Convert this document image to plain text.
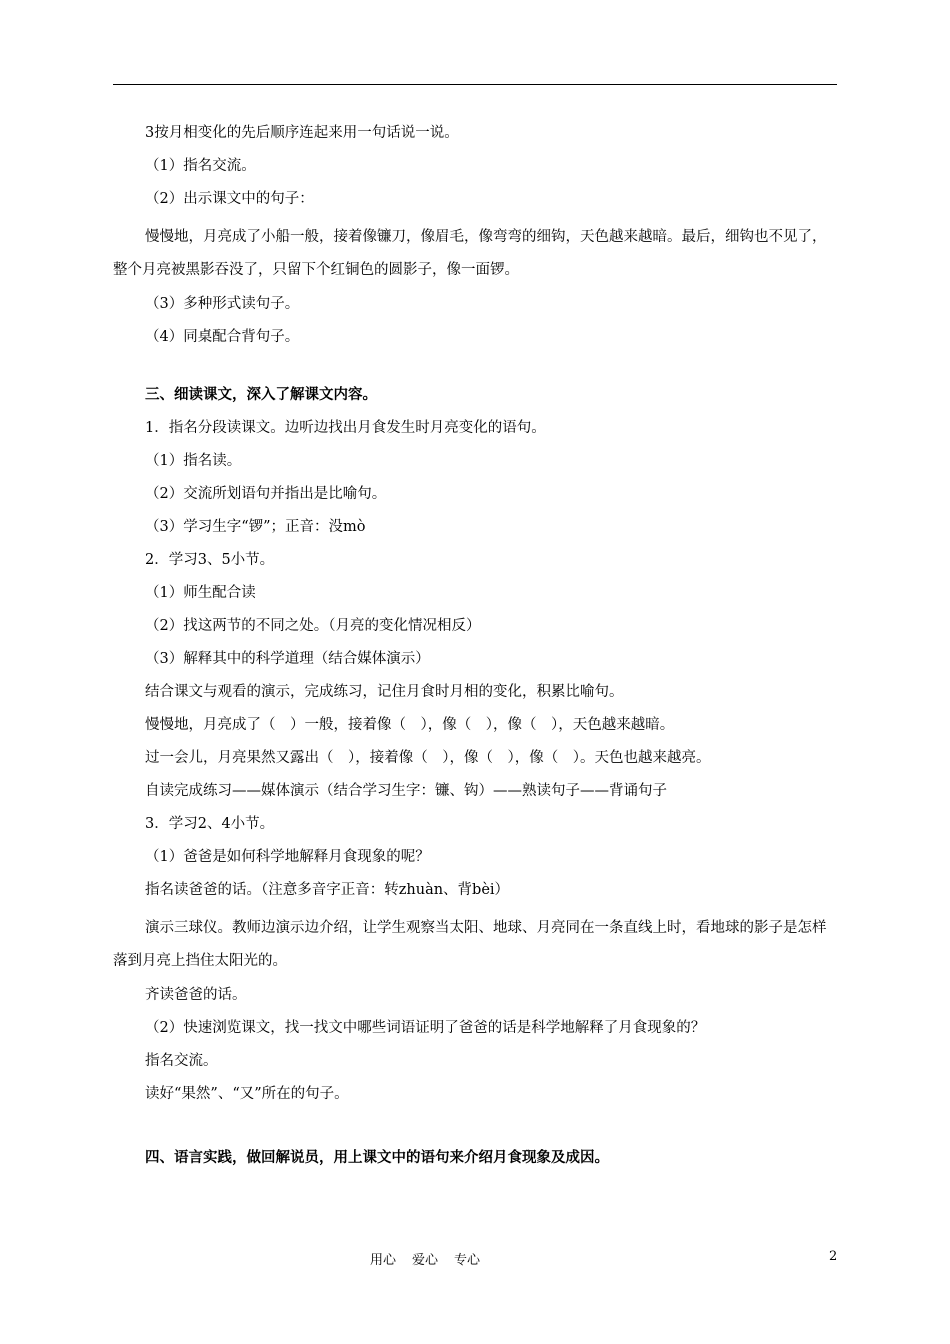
3按月相变化的先后顺序连起来用一句话说一说。

（1）指名交流。

（2）出示课文中的句子：

慢慢地，月亮成了小船一般，接着像镰刀，像眉毛，像弯弯的细钩，天色越来越暗。最后，细钩也不见了，整个月亮被黑影吞没了，只留下个红铜色的圆影子，像一面锣。

（3）多种形式读句子。

（4）同桌配合背句子。

三、细读课文，深入了解课文内容。

1．指名分段读课文。边听边找出月食发生时月亮变化的语句。

（1）指名读。

（2）交流所划语句并指出是比喻句。

（3）学习生字“锣”；正音：没mò

2．学习3、5小节。

（1）师生配合读

（2）找这两节的不同之处。（月亮的变化情况相反）

（3）解释其中的科学道理（结合媒体演示）

结合课文与观看的演示，完成练习，记住月食时月相的变化，积累比喻句。

慢慢地，月亮成了（　）一般，接着像（　），像（　），像（　），天色越来越暗。

过一会儿，月亮果然又露出（　），接着像（　），像（　），像（　）。天色也越来越亮。

自读完成练习——媒体演示（结合学习生字：镰、钩）——熟读句子——背诵句子

3．学习2、4小节。

（1）爸爸是如何科学地解释月食现象的呢？

指名读爸爸的话。（注意多音字正音：转zhuàn、背bèi）

演示三球仪。教师边演示边介绍，让学生观察当太阳、地球、月亮同在一条直线上时，看地球的影子是怎样落到月亮上挡住太阳光的。

齐读爸爸的话。

（2）快速浏览课文，找一找文中哪些词语证明了爸爸的话是科学地解释了月食现象的？

指名交流。

读好“果然”、“又”所在的句子。

四、语言实践，做回解说员，用上课文中的语句来介绍月食现象及成因。

用心 爱心 专心	2
